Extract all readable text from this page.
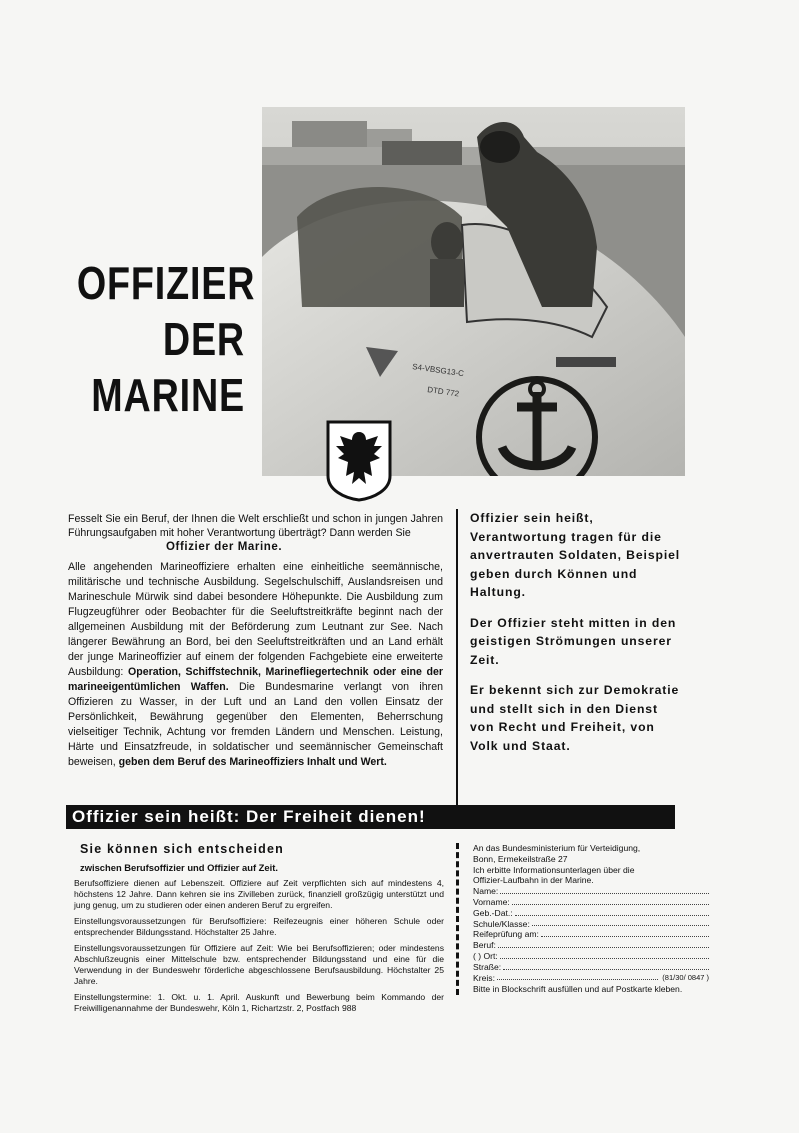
S4-VBSG13-C
DTD 772
OFFIZIER
DER
MARINE
Fesselt Sie ein Beruf, der Ihnen die Welt erschließt und schon in jungen Jahren Führungsaufgaben mit hoher Verantwortung überträgt? Dann werden Sie
Offizier der Marine.
Alle angehenden Marineoffiziere erhalten eine einheitliche seemännische, militärische und technische Ausbildung. Segelschulschiff, Auslandsreisen und Marineschule Mürwik sind dabei besondere Höhepunkte. Die Ausbildung zum Flugzeugführer oder Beobachter für die Seeluftstreitkräfte beginnt nach der allgemeinen Ausbildung mit der Beförderung zum Leutnant zur See. Nach längerer Bewährung an Bord, bei den Seeluftstreitkräften und an Land erhält der junge Marineoffizier auf einem der folgenden Fachgebiete eine erweiterte Ausbildung: Operation, Schiffstechnik, Marinefliegertechnik oder eine der marineeigentümlichen Waffen. Die Bundesmarine verlangt von ihren Offizieren zu Wasser, in der Luft und an Land den vollen Einsatz der Persönlichkeit, Bewährung gegenüber den Elementen, Beherrschung vielseitiger Technik, Achtung vor fremden Ländern und Menschen. Leistung, Härte und Einsatzfreude, in soldatischer und seemännischer Gemeinschaft beweisen, geben dem Beruf des Marineoffiziers Inhalt und Wert.

Offizier sein heißt, Verantwortung tragen für die anvertrauten Soldaten, Beispiel geben durch Können und Haltung.

Der Offizier steht mitten in den geistigen Strömungen unserer Zeit.

Er bekennt sich zur Demokratie und stellt sich in den Dienst von Recht und Freiheit, von Volk und Staat.

Offizier sein heißt: Der Freiheit dienen!
Sie können sich entscheiden
zwischen Berufsoffizier und Offizier auf Zeit.

Berufsoffiziere dienen auf Lebenszeit. Offiziere auf Zeit verpflichten sich auf mindestens 4, höchstens 12 Jahre. Dann kehren sie ins Zivilleben zurück, finanziell großzügig unterstützt und jung genug, um zu studieren oder einen anderen Beruf zu ergreifen.

Einstellungsvoraussetzungen für Berufsoffiziere: Reifezeugnis einer höheren Schule oder entsprechender Bildungsstand. Höchstalter 25 Jahre.

Einstellungsvoraussetzungen für Offiziere auf Zeit: Wie bei Berufsoffizieren; oder mindestens Abschlußzeugnis einer Mittelschule bzw. entsprechender Bildungsstand und eine für die Verwendung in der Bundeswehr förderliche abgeschlossene Berufsausbildung. Höchstalter 25 Jahre.

Einstellungstermine: 1. Okt. u. 1. April. Auskunft und Bewerbung beim Kommando der Freiwilligenannahme der Bundeswehr, Köln 1, Richartzstr. 2, Postfach 988

An das Bundesministerium für Verteidigung,
Bonn, Ermekeilstraße 27
Ich erbitte Informationsunterlagen über die
Offizier-Laufbahn in der Marine.
Name:
Vorname:
Geb.-Dat.:
Schule/Klasse:
Reifeprüfung am:
Beruf:
( ) Ort:
Straße:
Kreis:	(81/30/ 0847 )
Bitte in Blockschrift ausfüllen und auf Postkarte kleben.
